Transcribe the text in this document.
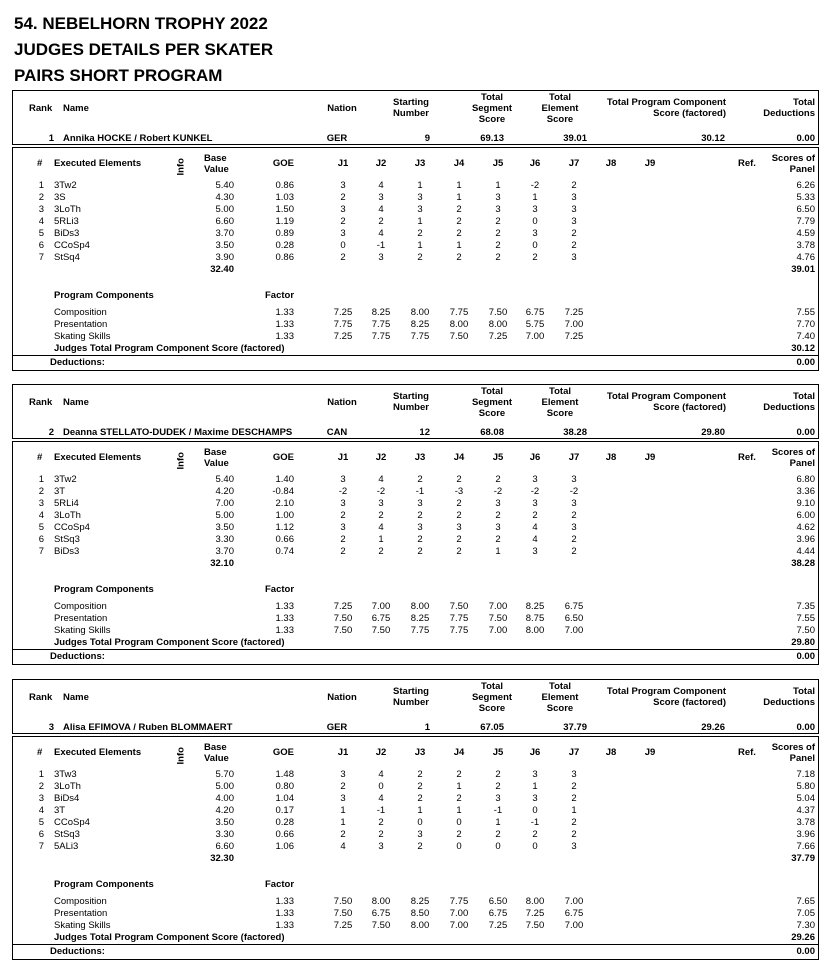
54. NEBELHORN TROPHY 2022
JUDGES DETAILS PER SKATER
PAIRS SHORT PROGRAM
Rank Name	Nation
Starting
Number
Total
Segment
Score
Total
Element
Score
Total Program Component
Score (factored)
Total
Deductions
1 Annika HOCKE / Robert KUNKEL	GER	9	69.13	39.01	30.12	0.00
# Executed Elements	Info Base
Value
GOE	J1	J2	J3	J4	J5	J6	J7	J8	J9	Ref.	Scores of
Panel
1 3Tw2	5.40	0.86	3	4	1	1	1	-2	2	6.26
2 3S	4.30	1.03	2	3	3	1	3	1	3	5.33
3 3LoTh	5.00	1.50	3	4	3	2	3	3	3	6.50
4 5RLi3	6.60	1.19	2	2	1	2	2	0	3	7.79
5 BiDs3	3.70	0.89	3	4	2	2	2	3	2	4.59
6 CCoSp4	3.50	0.28	0	-1	1	1	2	0	2	3.78
7 StSq4	3.90	0.86	2	3	2	2	2	2	3	4.76
32.40	39.01
Program Components	Factor
Composition	1.33	7.25	8.25	8.00	7.75	7.50	6.75	7.25	7.55
Presentation	1.33	7.75	7.75	8.25	8.00	8.00	5.75	7.00	7.70
Skating Skills	1.33	7.25	7.75	7.75	7.50	7.25	7.00	7.25	7.40
Judges Total Program Component Score (factored)	30.12
Deductions:	0.00
Rank Name	Nation
Starting
Number
Total
Segment
Score
Total
Element
Score
Total Program Component
Score (factored)
Total
Deductions
2 Deanna STELLATO-DUDEK / Maxime DESCHAMPS	CAN	12	68.08	38.28	29.80	0.00
# Executed Elements	Info Base
Value
GOE	J1	J2	J3	J4	J5	J6	J7	J8	J9	Ref.	Scores of
Panel
1 3Tw2	5.40	1.40	3	4	2	2	2	3	3	6.80
2 3T	4.20	-0.84	-2	-2	-1	-3	-2	-2	-2	3.36
3 5RLi4	7.00	2.10	3	3	3	2	3	3	3	9.10
4 3LoTh	5.00	1.00	2	2	2	2	2	2	2	6.00
5 CCoSp4	3.50	1.12	3	4	3	3	3	4	3	4.62
6 StSq3	3.30	0.66	2	1	2	2	2	4	2	3.96
7 BiDs3	3.70	0.74	2	2	2	2	1	3	2	4.44
32.10	38.28
Program Components	Factor
Composition	1.33	7.25	7.00	8.00	7.50	7.00	8.25	6.75	7.35
Presentation	1.33	7.50	6.75	8.25	7.75	7.50	8.75	6.50	7.55
Skating Skills	1.33	7.50	7.50	7.75	7.75	7.00	8.00	7.00	7.50
Judges Total Program Component Score (factored)	29.80
Deductions:	0.00
Rank Name	Nation
Starting
Number
Total
Segment
Score
Total
Element
Score
Total Program Component
Score (factored)
Total
Deductions
3 Alisa EFIMOVA / Ruben BLOMMAERT	GER	1	67.05	37.79	29.26	0.00
# Executed Elements	Info Base
Value
GOE	J1	J2	J3	J4	J5	J6	J7	J8	J9	Ref.	Scores of
Panel
1 3Tw3	5.70	1.48	3	4	2	2	2	3	3	7.18
2 3LoTh	5.00	0.80	2	0	2	1	2	1	2	5.80
3 BiDs4	4.00	1.04	3	4	2	2	3	3	2	5.04
4 3T	4.20	0.17	1	-1	1	1	-1	0	1	4.37
5 CCoSp4	3.50	0.28	1	2	0	0	1	-1	2	3.78
6 StSq3	3.30	0.66	2	2	3	2	2	2	2	3.96
7 5ALi3	6.60	1.06	4	3	2	0	0	0	3	7.66
32.30	37.79
Program Components	Factor
Composition	1.33	7.50	8.00	8.25	7.75	6.50	8.00	7.00	7.65
Presentation	1.33	7.50	6.75	8.50	7.00	6.75	7.25	6.75	7.05
Skating Skills	1.33	7.25	7.50	8.00	7.00	7.25	7.50	7.00	7.30
Judges Total Program Component Score (factored)	29.26
Deductions:	0.00
